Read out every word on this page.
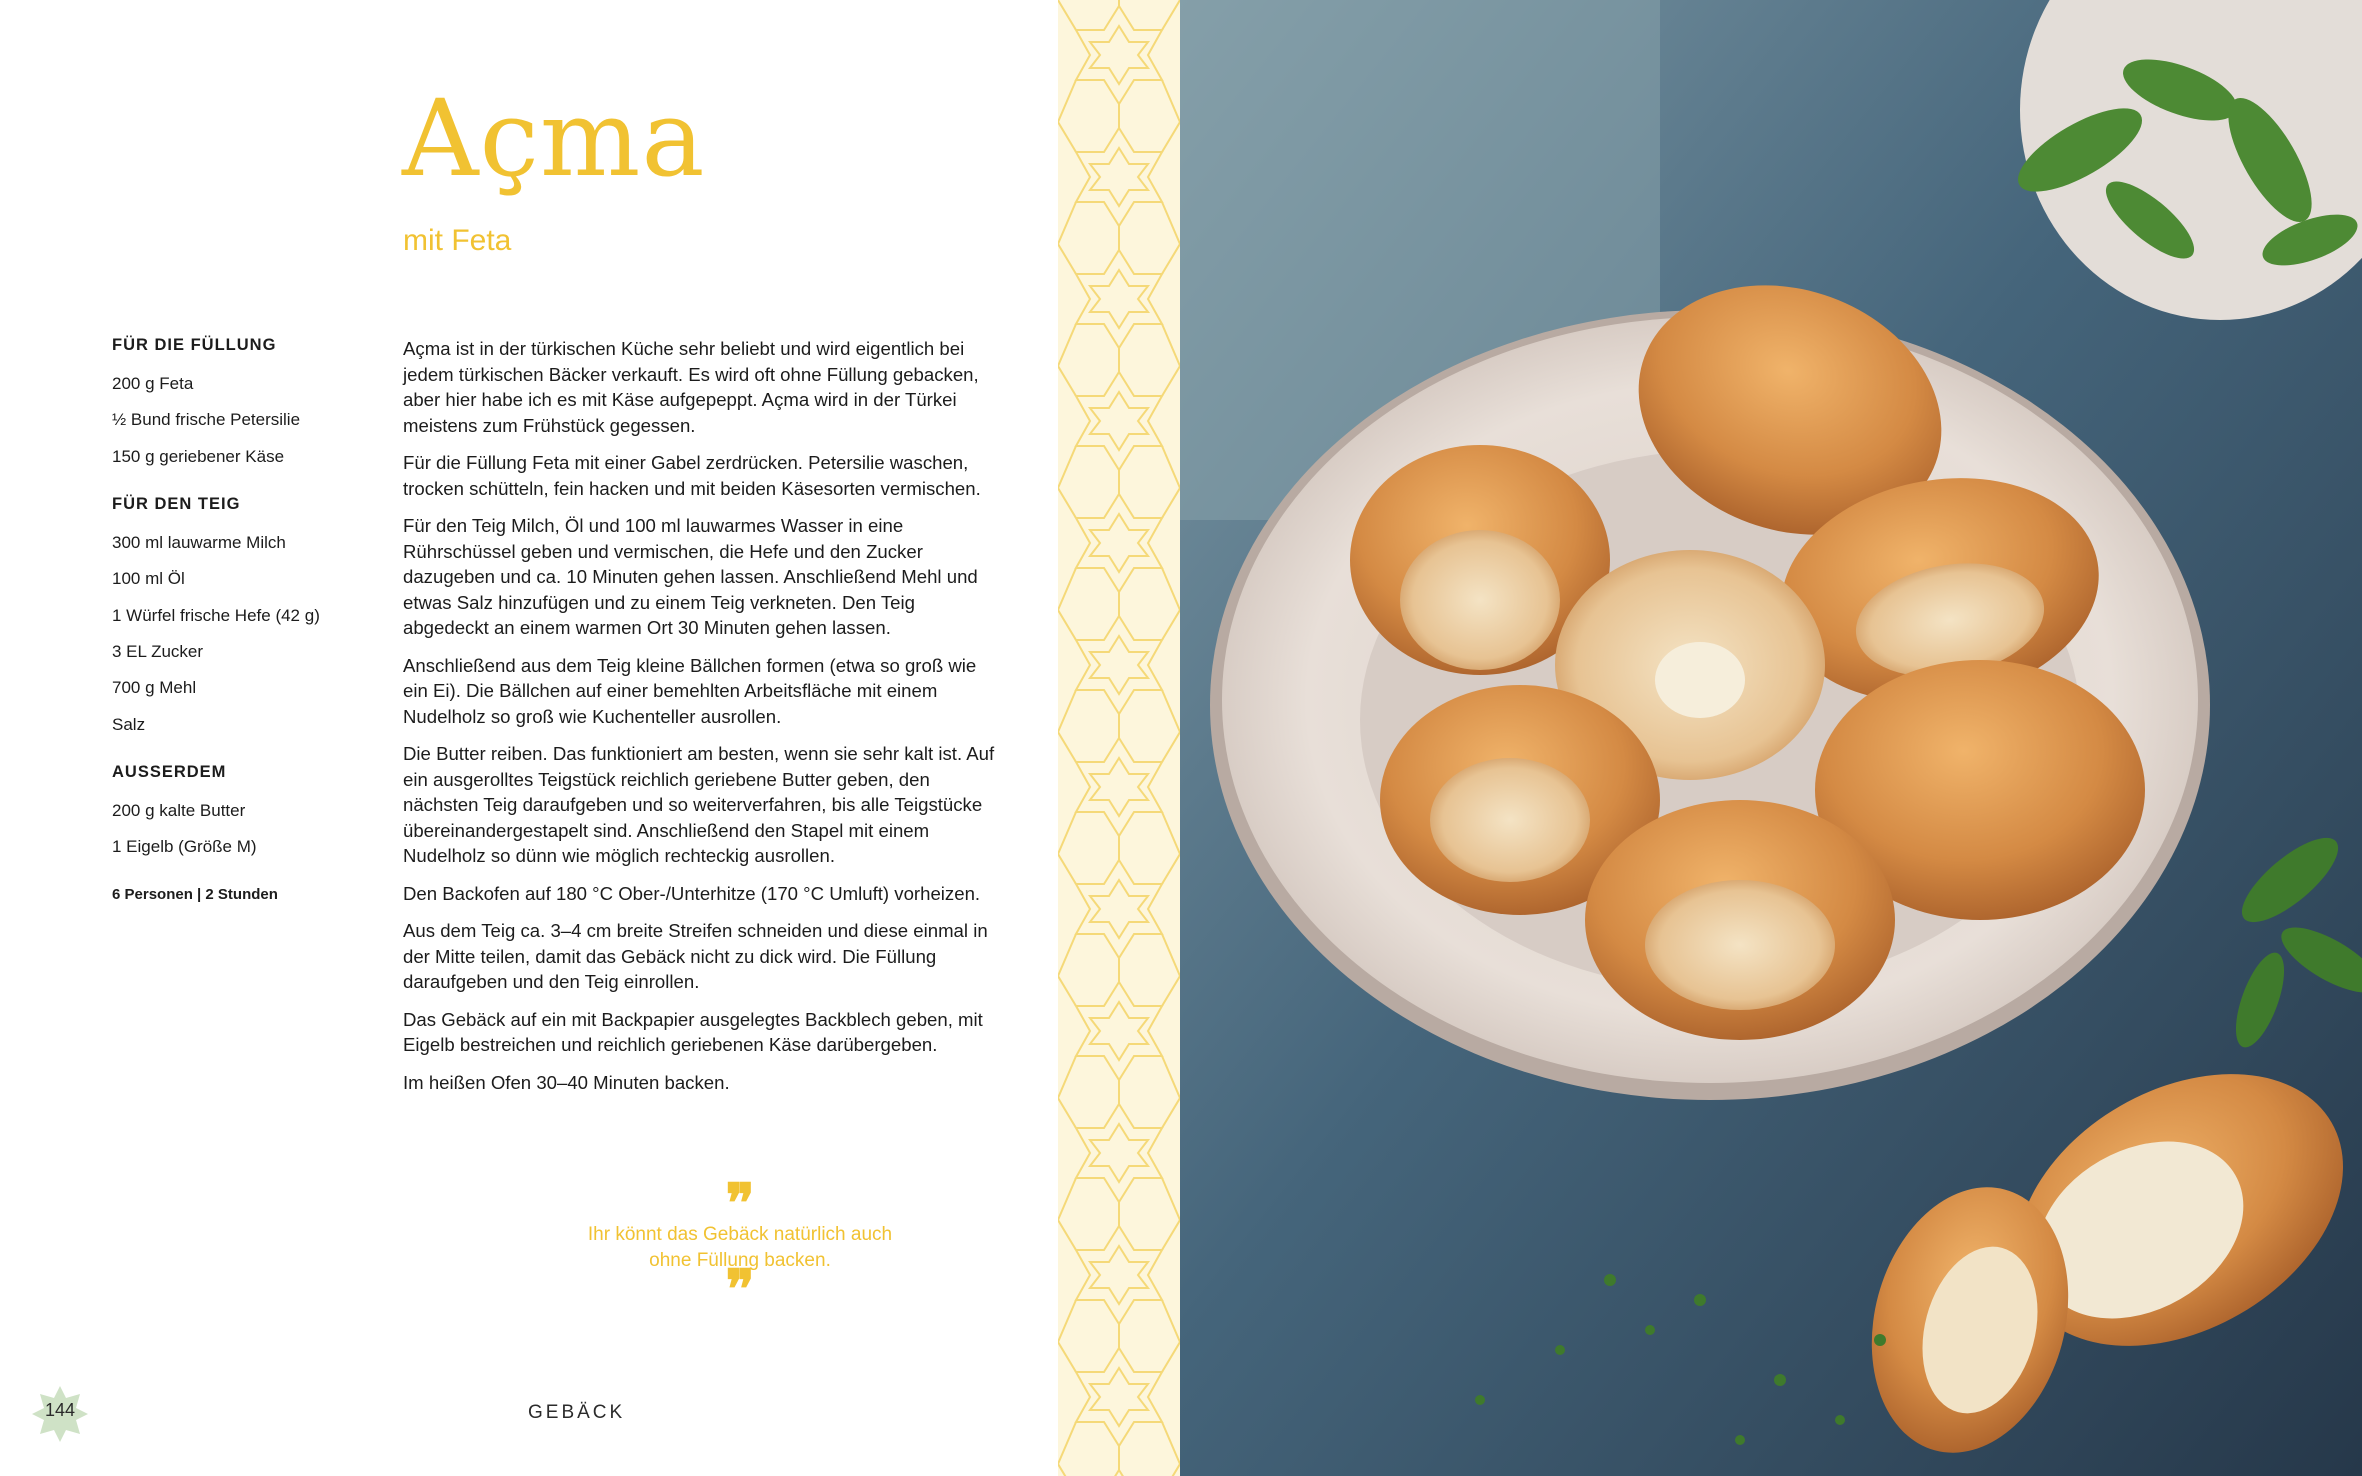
Açma
mit Feta
FÜR DIE FÜLLUNG
200 g Feta
½ Bund frische Petersilie
150 g geriebener Käse
FÜR DEN TEIG
300 ml lauwarme Milch
100 ml Öl
1 Würfel frische Hefe (42 g)
3 EL Zucker
700 g Mehl
Salz
AUSSERDEM
200 g kalte Butter
1 Eigelb (Größe M)
6 Personen | 2 Stunden

Açma ist in der türkischen Küche sehr beliebt und wird eigentlich bei jedem türkischen Bäcker verkauft. Es wird oft ohne Füllung gebacken, aber hier habe ich es mit Käse aufgepeppt. Açma wird in der Türkei meistens zum Frühstück gegessen.

Für die Füllung Feta mit einer Gabel zerdrücken. Petersilie waschen, trocken schütteln, fein hacken und mit beiden Käsesorten vermischen.

Für den Teig Milch, Öl und 100 ml lauwarmes Wasser in eine Rührschüssel geben und vermischen, die Hefe und den Zucker dazugeben und ca. 10 Minuten gehen lassen. Anschließend Mehl und etwas Salz hinzufügen und zu einem Teig verkneten. Den Teig abgedeckt an einem warmen Ort 30 Minuten gehen lassen.

Anschließend aus dem Teig kleine Bällchen formen (etwa so groß wie ein Ei). Die Bällchen auf einer bemehlten Arbeitsfläche mit einem Nudelholz so groß wie Kuchenteller ausrollen.

Die Butter reiben. Das funktioniert am besten, wenn sie sehr kalt ist. Auf ein ausgerolltes Teigstück reichlich geriebene Butter geben, den nächsten Teig daraufgeben und so weiterverfahren, bis alle Teigstücke übereinandergestapelt sind. Anschließend den Stapel mit einem Nudelholz so dünn wie möglich rechteckig ausrollen.

Den Backofen auf 180 °C Ober-/Unterhitze (170 °C Umluft) vorheizen.

Aus dem Teig ca. 3–4 cm breite Streifen schneiden und diese einmal in der Mitte teilen, damit das Gebäck nicht zu dick wird. Die Füllung daraufgeben und den Teig einrollen.

Das Gebäck auf ein mit Backpapier ausgelegtes Backblech geben, mit Eigelb bestreichen und reichlich geriebenen Käse darübergeben.

Im heißen Ofen 30–40 Minuten backen.

❞
Ihr könnt das Gebäck natürlich auch
ohne Füllung backen.
❞
144	GEBÄCK
